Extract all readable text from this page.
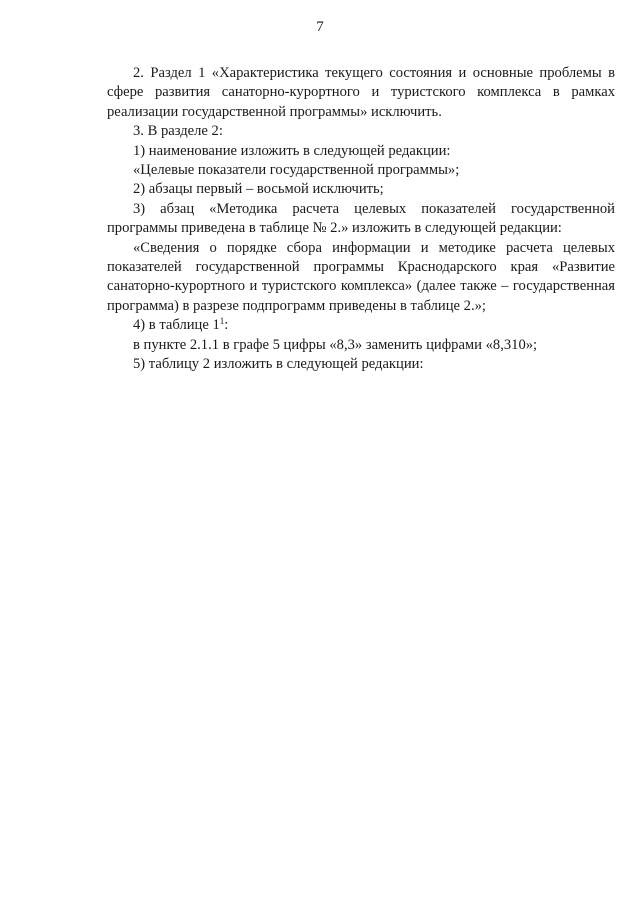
7

2. Раздел 1 «Характеристика текущего состояния и основные проблемы в сфере развития санаторно-курортного и туристского комплекса в рамках реализации государственной программы» исключить.

3. В разделе 2:

1) наименование изложить в следующей редакции:

«Целевые показатели государственной программы»;

2) абзацы первый – восьмой исключить;

3) абзац «Методика расчета целевых показателей государственной программы приведена в таблице № 2.» изложить в следующей редакции:

«Сведения о порядке сбора информации и методике расчета целевых показателей государственной программы Краснодарского края «Развитие санаторно-курортного и туристского комплекса» (далее также – государственная программа) в разрезе подпрограмм приведены в таблице 2.»;

4) в таблице $1^1$:

в пункте 2.1.1 в графе 5 цифры «8,3» заменить цифрами «8,310»;

5) таблицу 2 изложить в следующей редакции:
